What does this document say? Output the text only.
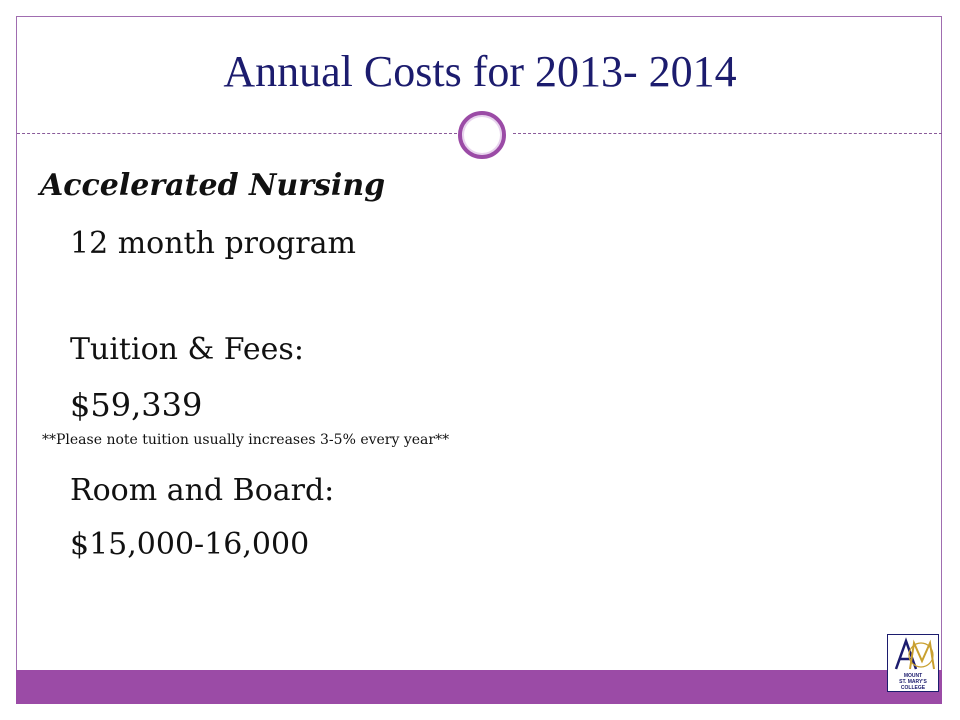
Annual Costs for 2013- 2014
Accelerated Nursing
12 month program
Tuition & Fees:
$59,339
**Please note tuition usually increases 3-5% every year**
Room and Board:
$15,000-16,000
MOUNT
ST. MARY'S
COLLEGE
